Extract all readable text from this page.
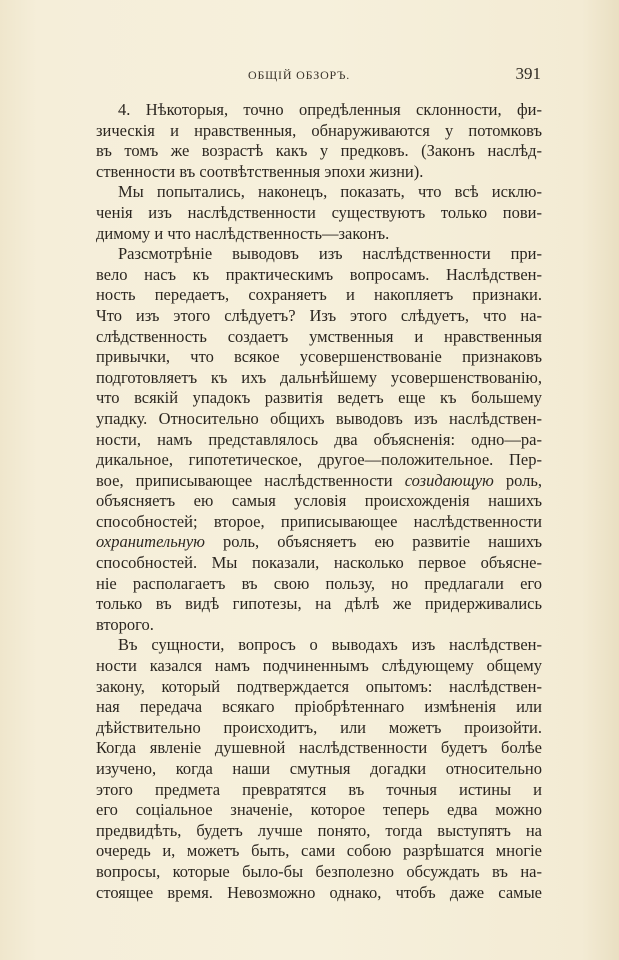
ОБЩІЙ ОБЗОРЪ.	391
4. Нѣкоторыя, точно опредѣленныя склонности, фи-
зическія и нравственныя, обнаруживаются у потомковъ
въ томъ же возрастѣ какъ у предковъ. (Законъ наслѣд-
ственности въ соотвѣтственныя эпохи жизни).
Мы попытались, наконецъ, показать, что всѣ исклю-
ченія изъ наслѣдственности существуютъ только пови-
димому и что наслѣдственность—законъ.
Разсмотрѣніе выводовъ изъ наслѣдственности при-
вело насъ къ практическимъ вопросамъ. Наслѣдствен-
ность передаетъ, сохраняетъ и накопляетъ признаки.
Что изъ этого слѣдуетъ? Изъ этого слѣдуетъ, что на-
слѣдственность создаетъ умственныя и нравственныя
привычки, что всякое усовершенствованіе признаковъ
подготовляетъ къ ихъ дальнѣйшему усовершенствованію,
что всякій упадокъ развитія ведетъ еще къ большему
упадку. Относительно общихъ выводовъ изъ наслѣдствен-
ности, намъ представлялось два объясненія: одно—ра-
дикальное, гипотетическое, другое—положительное. Пер-
вое, приписывающее наслѣдственности созидающую роль,
объясняетъ ею самыя условія происхожденія нашихъ
способностей; второе, приписывающее наслѣдственности
охранительную роль, объясняетъ ею развитіе нашихъ
способностей. Мы показали, насколько первое объясне-
ніе располагаетъ въ свою пользу, но предлагали его
только въ видѣ гипотезы, на дѣлѣ же придерживались
второго.
Въ сущности, вопросъ о выводахъ изъ наслѣдствен-
ности казался намъ подчиненнымъ слѣдующему общему
закону, который подтверждается опытомъ: наслѣдствен-
ная передача всякаго пріобрѣтеннаго измѣненія или
дѣйствительно происходитъ, или можетъ произойти.
Когда явленіе душевной наслѣдственности будетъ болѣе
изучено, когда наши смутныя догадки относительно
этого предмета превратятся въ точныя истины и
его соціальное значеніе, которое теперь едва можно
предвидѣть, будетъ лучше понято, тогда выступятъ на
очередь и, можетъ быть, сами собою разрѣшатся многіе
вопросы, которые было-бы безполезно обсуждать въ на-
стоящее время. Невозможно однако, чтобъ даже самые
